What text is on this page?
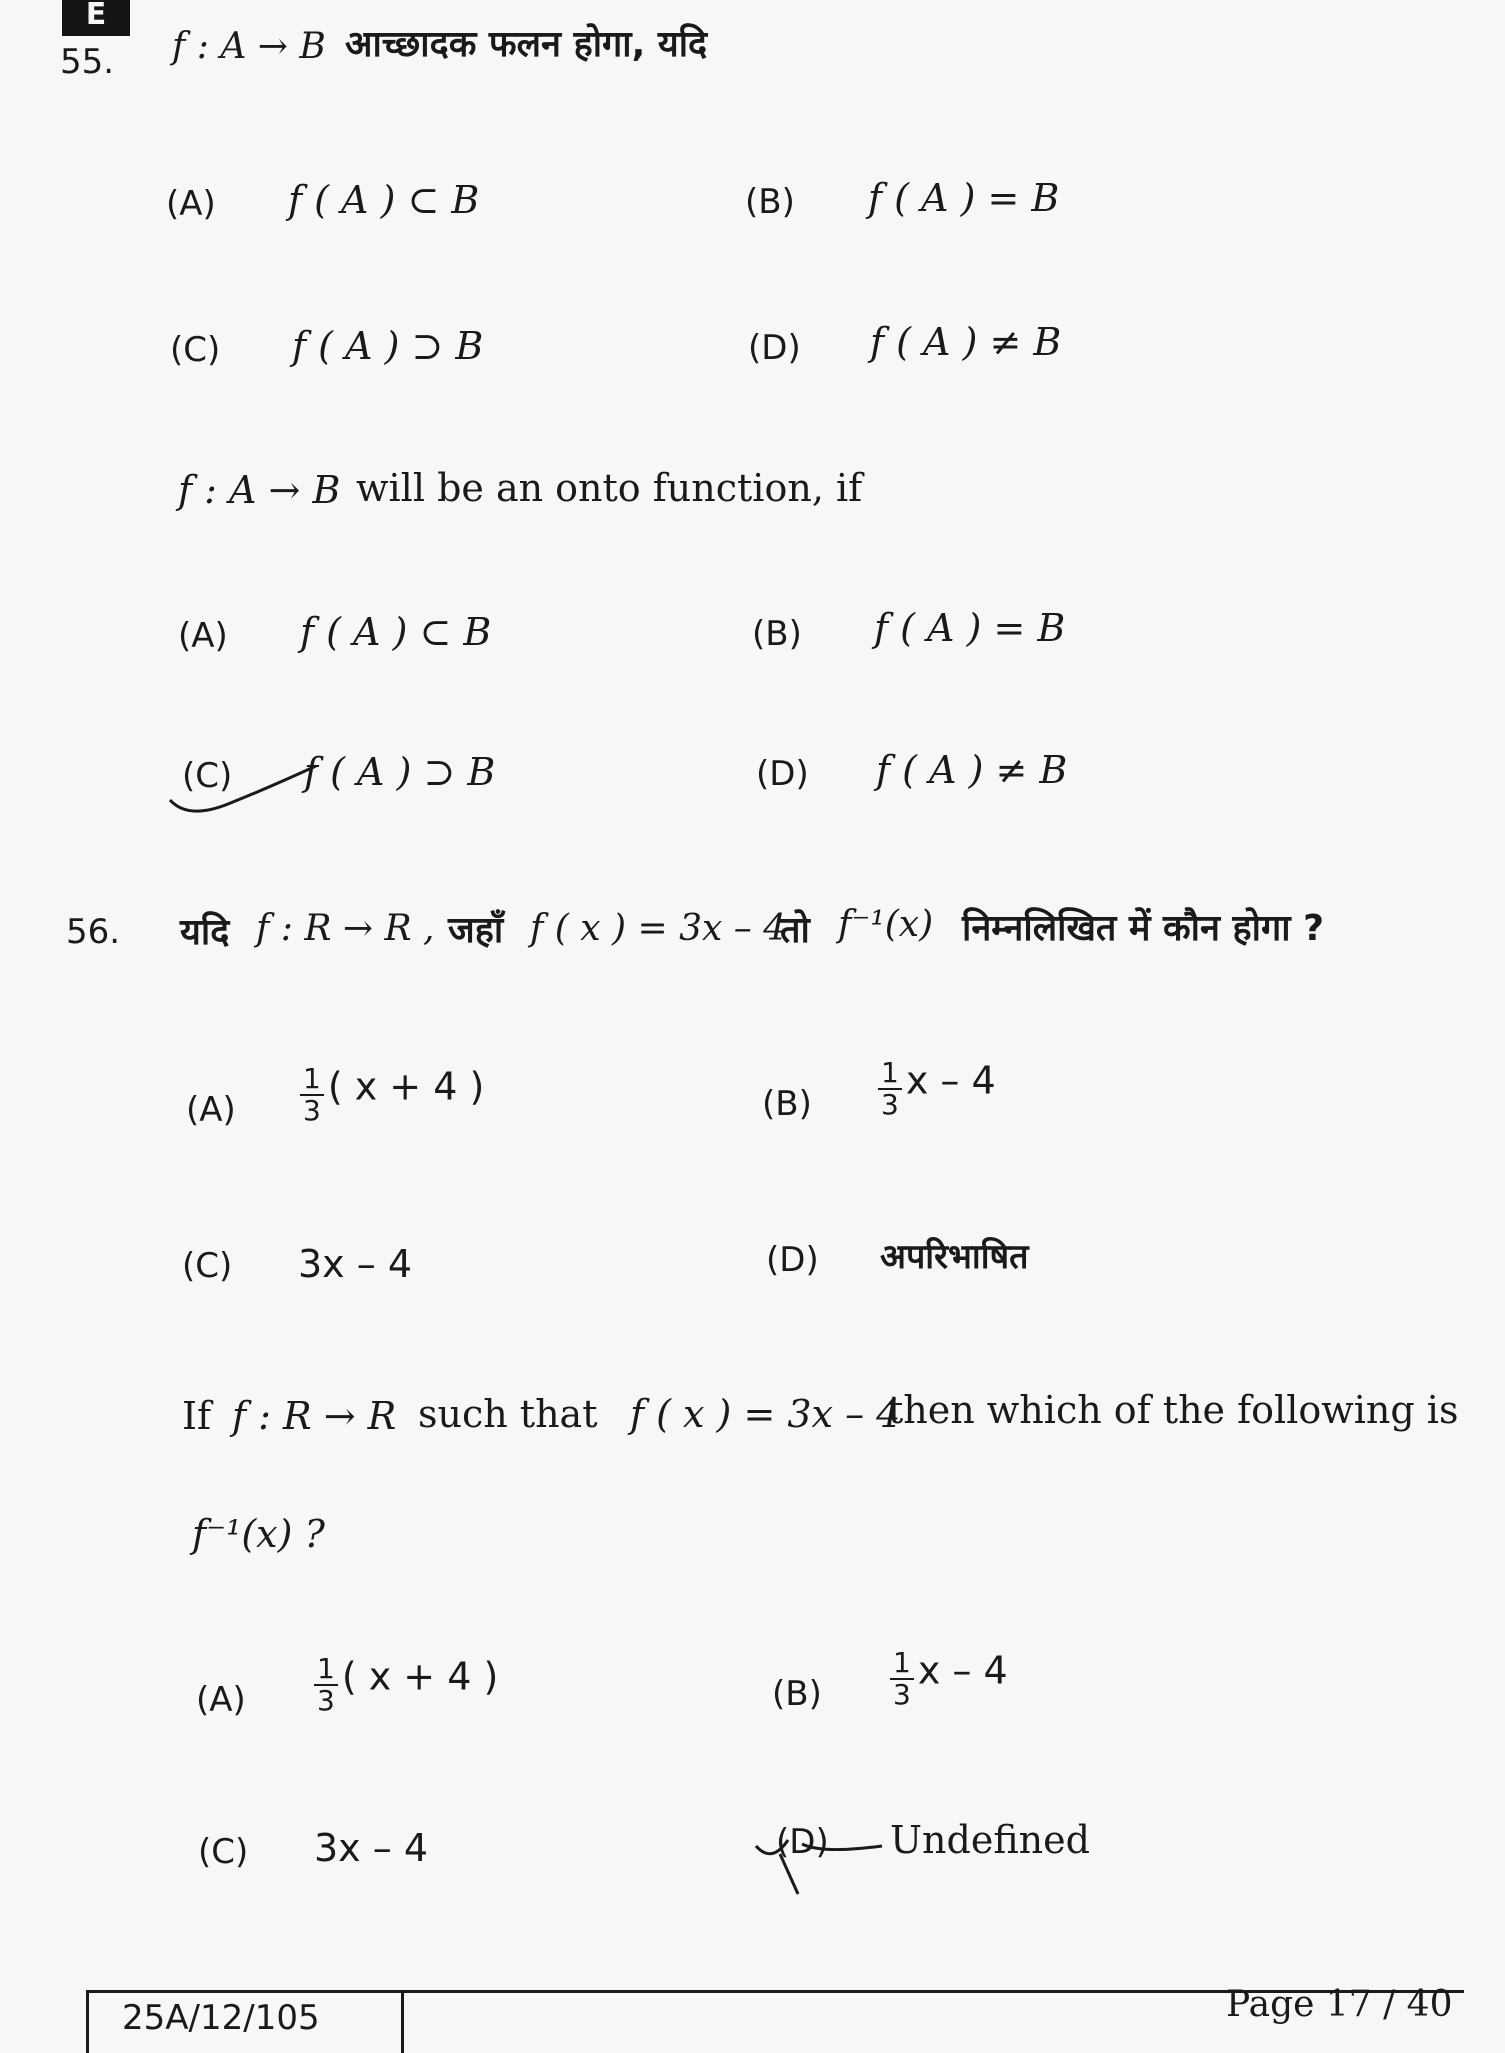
E
55. f : A → B आच्छादक फलन होगा, यदि
(A) f ( A ) ⊂ B	(B) f ( A ) = B
(C) f ( A ) ⊃ B	(D) f ( A ) ≠ B
f : A → B will be an onto function, if
(A) f ( A ) ⊂ B	(B) f ( A ) = B
(C) f ( A ) ⊃ B	(D) f ( A ) ≠ B
56. यदि f : R → R , जहाँ f ( x ) = 3x – 4
तो f⁻¹(x) निम्नलिखित में कौन होगा ?
$(A) \frac{1}{3}$ ( x + 4 )	$(B) \frac{1}{3}$ x – 4
(C) 3x – 4	(D) अपरिभाषित
If f : R → R such that f ( x ) = 3x – 4
then which of the following is
f⁻¹(x) ?
$(A) \frac{1}{3}$ ( x + 4 )	$(B) \frac{1}{3}$ x – 4
(C) 3x – 4	(D) Undefined
25A/12/105	Page 17 / 40
